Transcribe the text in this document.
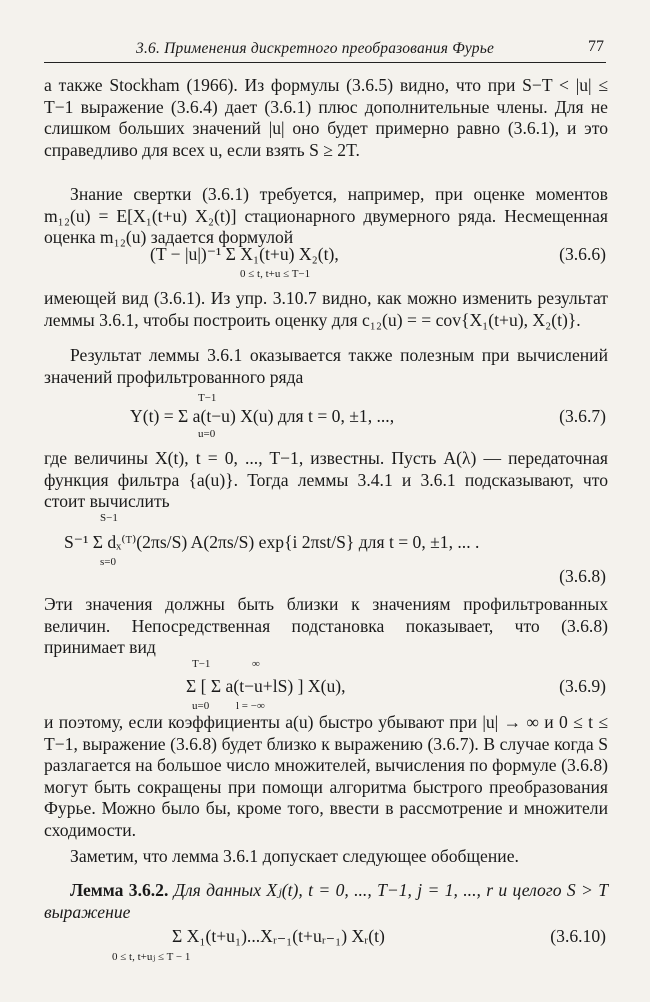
3.6. Применения дискретного преобразования Фурье	77

а также Stockham (1966). Из формулы (3.6.5) видно, что при S−T < |u| ≤ T−1 выражение (3.6.4) дает (3.6.1) плюс дополнительные члены. Для не слишком больших значений |u| оно будет примерно равно (3.6.1), и это справедливо для всех u, если взять S ≥ 2T.

Знание свертки (3.6.1) требуется, например, при оценке моментов m₁₂(u) = E[X₁(t+u) X₂(t)] стационарного двумерного ряда. Несмещенная оценка m₁₂(u) задается формулой

(T − |u|)⁻¹ Σ X₁(t+u) X₂(t),
0 ≤ t, t+u ≤ T−1
(3.6.6)

имеющей вид (3.6.1). Из упр. 3.10.7 видно, как можно изменить результат леммы 3.6.1, чтобы построить оценку для c₁₂(u) = = cov{X₁(t+u), X₂(t)}.

Результат леммы 3.6.1 оказывается также полезным при вычислений значений профильтрованного ряда

T−1
Y(t) = Σ a(t−u) X(u) для t = 0, ±1, ...,
u=0
(3.6.7)

где величины X(t), t = 0, ..., T−1, известны. Пусть A(λ) — передаточная функция фильтра {a(u)}. Тогда леммы 3.4.1 и 3.6.1 подсказывают, что стоит вычислить

S−1
S⁻¹ Σ dₓ⁽ᵀ⁾(2πs/S) A(2πs/S) exp{i 2πst/S} для t = 0, ±1, ... .
s=0
(3.6.8)

Эти значения должны быть близки к значениям профильтрованных величин. Непосредственная подстановка показывает, что (3.6.8) принимает вид

T−1	∞
Σ [ Σ a(t−u+lS) ] X(u),
u=0 l = −∞
(3.6.9)

и поэтому, если коэффициенты a(u) быстро убывают при |u| → ∞ и 0 ≤ t ≤ T−1, выражение (3.6.8) будет близко к выражению (3.6.7). В случае когда S разлагается на большое число множителей, вычисления по формуле (3.6.8) могут быть сокращены при помощи алгоритма быстрого преобразования Фурье. Можно было бы, кроме того, ввести в рассмотрение и множители сходимости.

Заметим, что лемма 3.6.1 допускает следующее обобщение.

Лемма 3.6.2. Для данных Xⱼ(t), t = 0, ..., T−1, j = 1, ..., r и целого S > T выражение

Σ X₁(t+u₁)...Xᵣ₋₁(t+uᵣ₋₁) Xᵣ(t)
0 ≤ t, t+uⱼ ≤ T − 1
(3.6.10)
